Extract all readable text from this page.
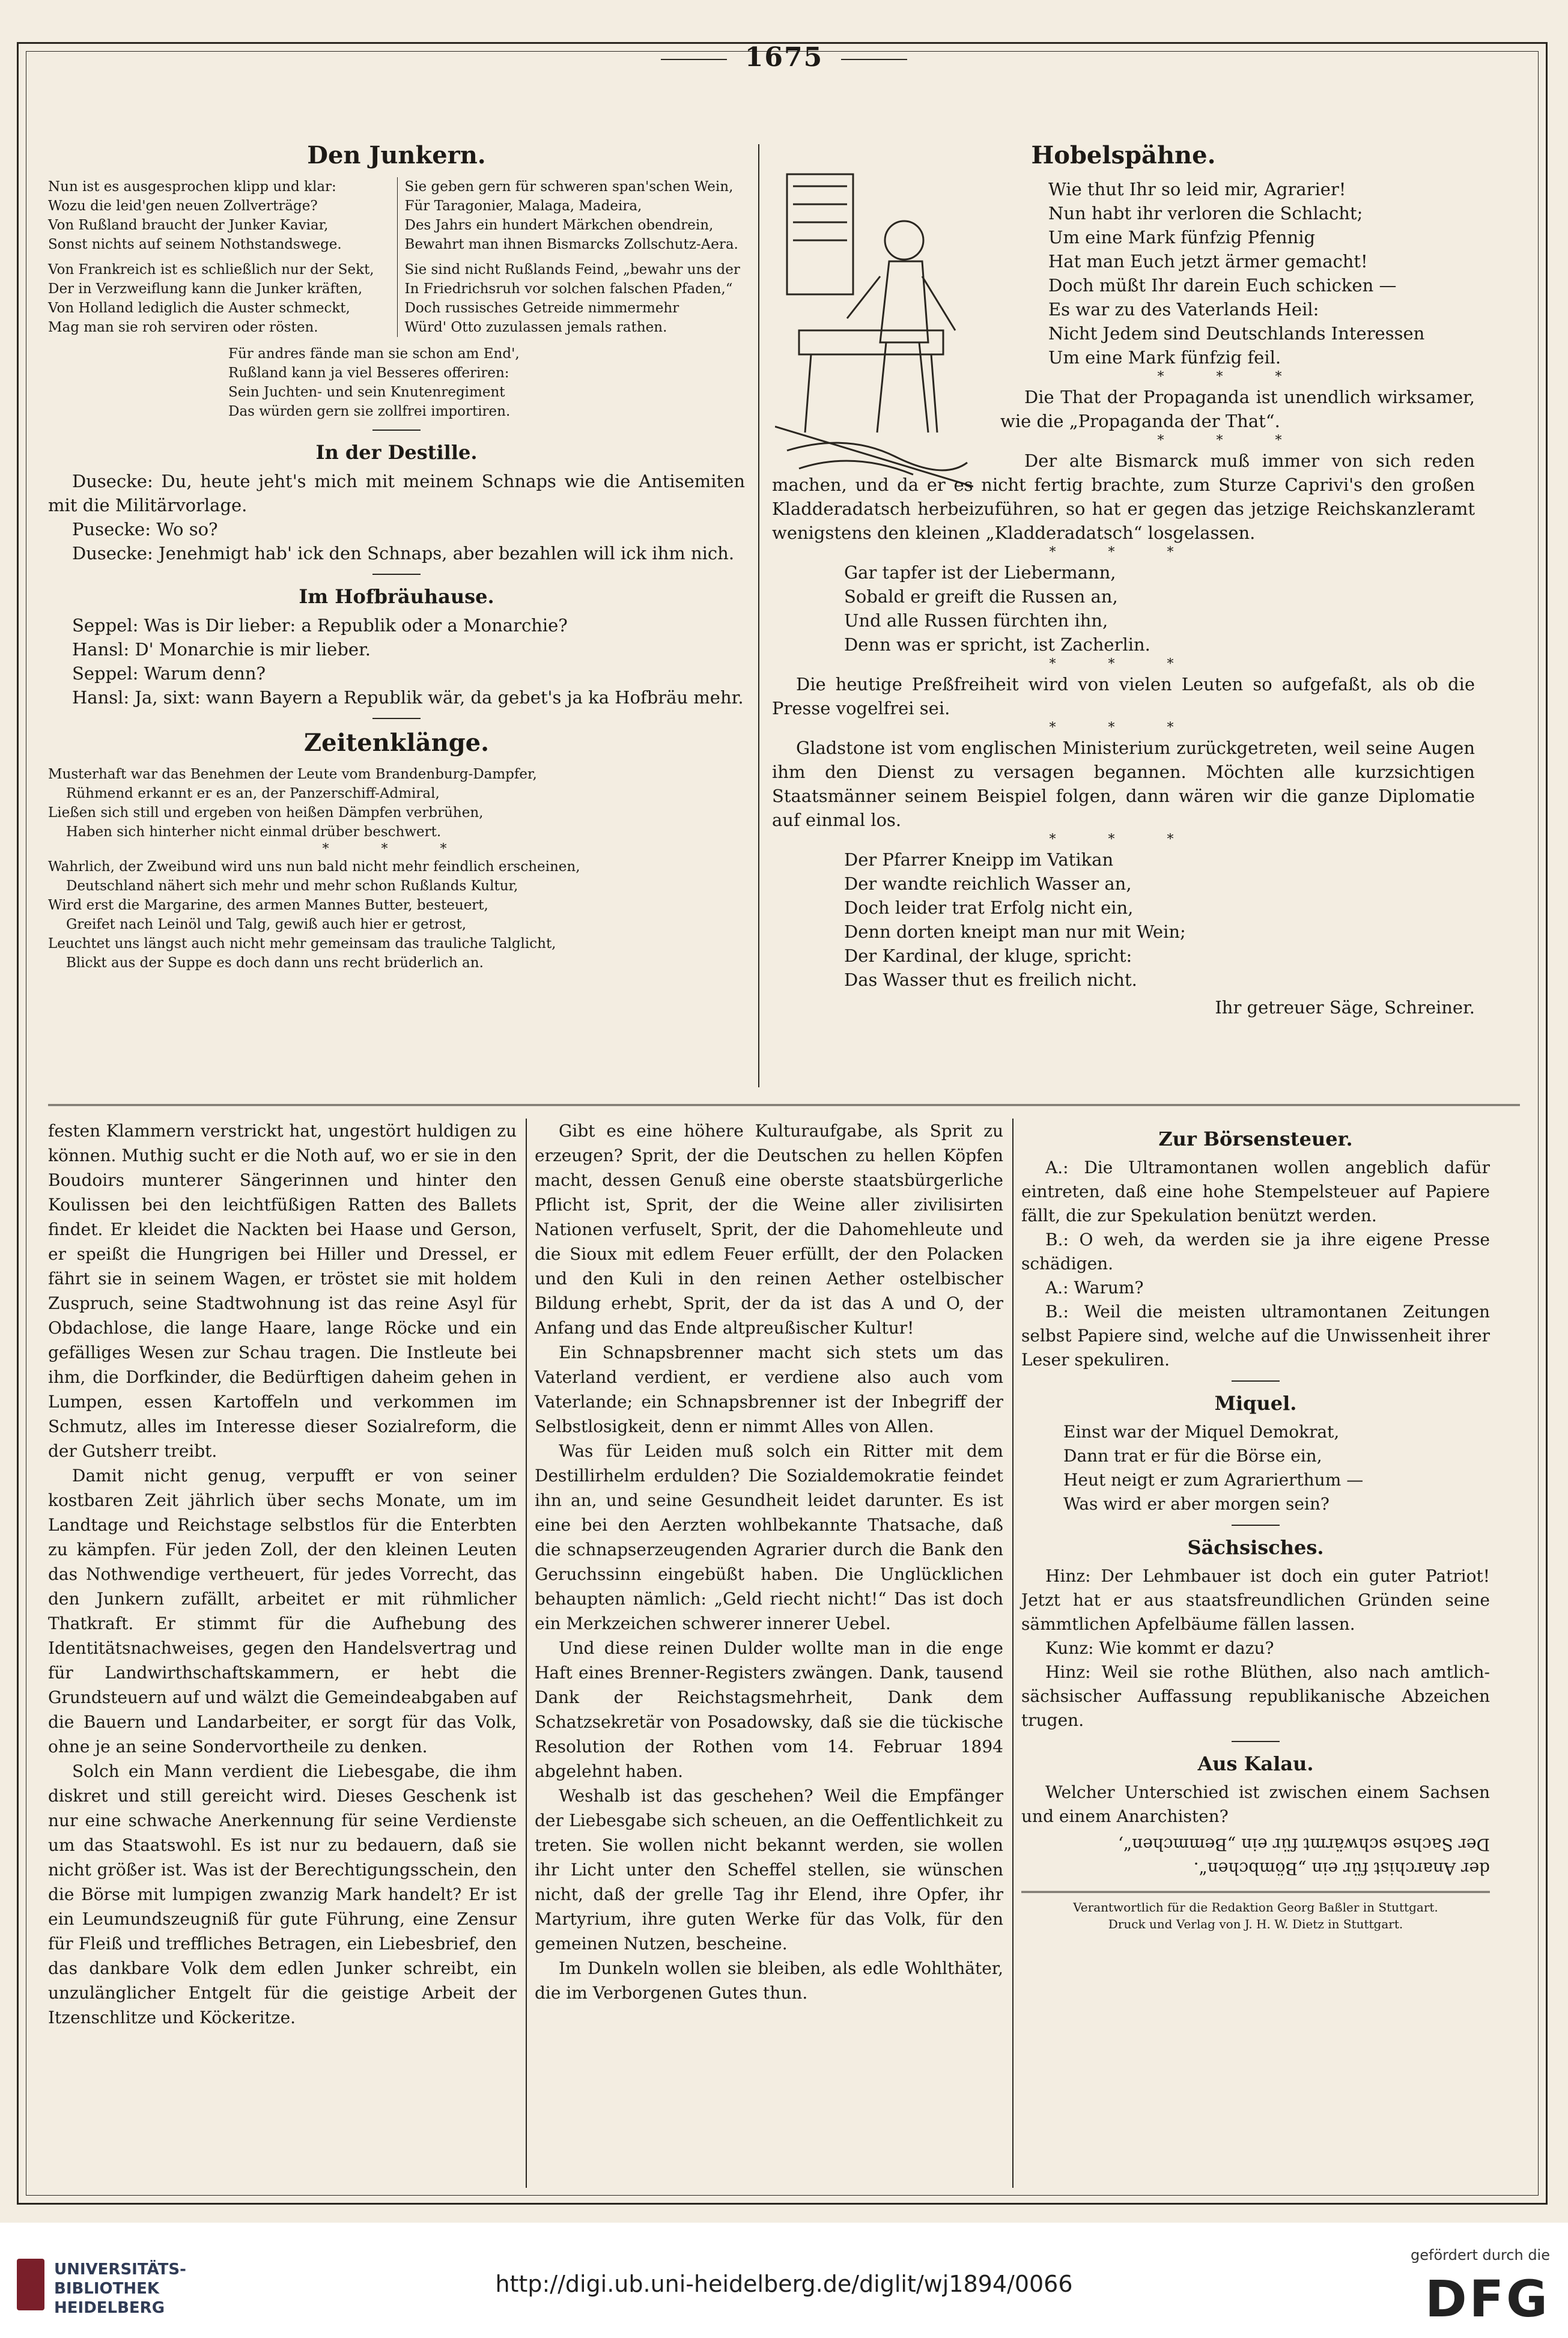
1675
Den Junkern.

Nun ist es ausgesprochen klipp und klar:

Wozu die leid'gen neuen Zollverträge?

Von Rußland braucht der Junker Kaviar,

Sonst nichts auf seinem Nothstandswege.

Von Frankreich ist es schließlich nur der Sekt,

Der in Verzweiflung kann die Junker kräften,

Von Holland lediglich die Auster schmeckt,

Mag man sie roh serviren oder rösten.

Sie geben gern für schweren span'schen Wein,

Für Taragonier, Malaga, Madeira,

Des Jahrs ein hundert Märkchen obendrein,

Bewahrt man ihnen Bismarcks Zollschutz-Aera.

Sie sind nicht Rußlands Feind, „bewahr uns der

In Friedrichsruh vor solchen falschen Pfaden,“

Doch russisches Getreide nimmermehr

Würd' Otto zuzulassen jemals rathen.

Für andres fände man sie schon am End',

Rußland kann ja viel Besseres offeriren:

Sein Juchten- und sein Knutenregiment

Das würden gern sie zollfrei importiren.

In der Destille.

Dusecke: Du, heute jeht's mich mit meinem Schnaps wie die Antisemiten mit die Militärvorlage.

Pusecke: Wo so?

Dusecke: Jenehmigt hab' ick den Schnaps, aber bezahlen will ick ihm nich.

Im Hofbräuhause.

Seppel: Was is Dir lieber: a Republik oder a Monarchie?

Hansl: D' Monarchie is mir lieber.

Seppel: Warum denn?

Hansl: Ja, sixt: wann Bayern a Republik wär, da gebet's ja ka Hofbräu mehr.

Zeitenklänge.

Musterhaft war das Benehmen der Leute vom Brandenburg-Dampfer,

Rühmend erkannt er es an, der Panzerschiff-Admiral,

Ließen sich still und ergeben von heißen Dämpfen verbrühen,

Haben sich hinterher nicht einmal drüber beschwert.

* * *

Wahrlich, der Zweibund wird uns nun bald nicht mehr feindlich erscheinen,

Deutschland nähert sich mehr und mehr schon Rußlands Kultur,

Wird erst die Margarine, des armen Mannes Butter, besteuert,

Greifet nach Leinöl und Talg, gewiß auch hier er getrost,

Leuchtet uns längst auch nicht mehr gemeinsam das trauliche Talglicht,

Blickt aus der Suppe es doch dann uns recht brüderlich an.

Hobelspähne.

Wie thut Ihr so leid mir, Agrarier!

Nun habt ihr verloren die Schlacht;

Um eine Mark fünfzig Pfennig

Hat man Euch jetzt ärmer gemacht!

Doch müßt Ihr darein Euch schicken —

Es war zu des Vaterlands Heil:

Nicht Jedem sind Deutschlands Interessen

Um eine Mark fünfzig feil.

* * *

Die That der Propaganda ist unendlich wirksamer, wie die „Propaganda der That“.

* * *

Der alte Bismarck muß immer von sich reden machen, und da er es nicht fertig brachte, zum Sturze Caprivi's den großen Kladderadatsch herbeizuführen, so hat er gegen das jetzige Reichskanzleramt wenigstens den kleinen „Kladderadatsch“ losgelassen.

* * *

Gar tapfer ist der Liebermann,

Sobald er greift die Russen an,

Und alle Russen fürchten ihn,

Denn was er spricht, ist Zacherlin.

* * *

Die heutige Preßfreiheit wird von vielen Leuten so aufgefaßt, als ob die Presse vogelfrei sei.

* * *

Gladstone ist vom englischen Ministerium zurückgetreten, weil seine Augen ihm den Dienst zu versagen begannen. Möchten alle kurzsichtigen Staatsmänner seinem Beispiel folgen, dann wären wir die ganze Diplomatie auf einmal los.

* * *

Der Pfarrer Kneipp im Vatikan

Der wandte reichlich Wasser an,

Doch leider trat Erfolg nicht ein,

Denn dorten kneipt man nur mit Wein;

Der Kardinal, der kluge, spricht:

Das Wasser thut es freilich nicht.

Ihr getreuer Säge, Schreiner.

festen Klammern verstrickt hat, ungestört huldigen zu können. Muthig sucht er die Noth auf, wo er sie in den Boudoirs munterer Sängerinnen und hinter den Koulissen bei den leichtfüßigen Ratten des Ballets findet. Er kleidet die Nackten bei Haase und Gerson, er speißt die Hungrigen bei Hiller und Dressel, er fährt sie in seinem Wagen, er tröstet sie mit holdem Zuspruch, seine Stadtwohnung ist das reine Asyl für Obdachlose, die lange Haare, lange Röcke und ein gefälliges Wesen zur Schau tragen. Die Instleute bei ihm, die Dorfkinder, die Bedürftigen daheim gehen in Lumpen, essen Kartoffeln und verkommen im Schmutz, alles im Interesse dieser Sozialreform, die der Gutsherr treibt.

Damit nicht genug, verpufft er von seiner kostbaren Zeit jährlich über sechs Monate, um im Landtage und Reichstage selbstlos für die Enterbten zu kämpfen. Für jeden Zoll, der den kleinen Leuten das Nothwendige vertheuert, für jedes Vorrecht, das den Junkern zufällt, arbeitet er mit rühmlicher Thatkraft. Er stimmt für die Aufhebung des Identitätsnachweises, gegen den Handelsvertrag und für Landwirthschaftskammern, er hebt die Grundsteuern auf und wälzt die Gemeindeabgaben auf die Bauern und Landarbeiter, er sorgt für das Volk, ohne je an seine Sondervortheile zu denken.

Solch ein Mann verdient die Liebesgabe, die ihm diskret und still gereicht wird. Dieses Geschenk ist nur eine schwache Anerkennung für seine Verdienste um das Staatswohl. Es ist nur zu bedauern, daß sie nicht größer ist. Was ist der Berechtigungsschein, den die Börse mit lumpigen zwanzig Mark handelt? Er ist ein Leumundszeugniß für gute Führung, eine Zensur für Fleiß und treffliches Betragen, ein Liebesbrief, den das dankbare Volk dem edlen Junker schreibt, ein unzulänglicher Entgelt für die geistige Arbeit der Itzenschlitze und Köckeritze.

Gibt es eine höhere Kulturaufgabe, als Sprit zu erzeugen? Sprit, der die Deutschen zu hellen Köpfen macht, dessen Genuß eine oberste staatsbürgerliche Pflicht ist, Sprit, der die Weine aller zivilisirten Nationen verfuselt, Sprit, der die Dahomehleute und die Sioux mit edlem Feuer erfüllt, der den Polacken und den Kuli in den reinen Aether ostelbischer Bildung erhebt, Sprit, der da ist das A und O, der Anfang und das Ende altpreußischer Kultur!

Ein Schnapsbrenner macht sich stets um das Vaterland verdient, er verdiene also auch vom Vaterlande; ein Schnapsbrenner ist der Inbegriff der Selbstlosigkeit, denn er nimmt Alles von Allen.

Was für Leiden muß solch ein Ritter mit dem Destillirhelm erdulden? Die Sozialdemokratie feindet ihn an, und seine Gesundheit leidet darunter. Es ist eine bei den Aerzten wohlbekannte Thatsache, daß die schnapserzeugenden Agrarier durch die Bank den Geruchssinn eingebüßt haben. Die Unglücklichen behaupten nämlich: „Geld riecht nicht!“ Das ist doch ein Merkzeichen schwerer innerer Uebel.

Und diese reinen Dulder wollte man in die enge Haft eines Brenner-Registers zwängen. Dank, tausend Dank der Reichstagsmehrheit, Dank dem Schatzsekretär von Posadowsky, daß sie die tückische Resolution der Rothen vom 14. Februar 1894 abgelehnt haben.

Weshalb ist das geschehen? Weil die Empfänger der Liebesgabe sich scheuen, an die Oeffentlichkeit zu treten. Sie wollen nicht bekannt werden, sie wollen ihr Licht unter den Scheffel stellen, sie wünschen nicht, daß der grelle Tag ihr Elend, ihre Opfer, ihr Martyrium, ihre guten Werke für das Volk, für den gemeinen Nutzen, bescheine.

Im Dunkeln wollen sie bleiben, als edle Wohlthäter, die im Verborgenen Gutes thun.

Zur Börsensteuer.

A.: Die Ultramontanen wollen angeblich dafür eintreten, daß eine hohe Stempelsteuer auf Papiere fällt, die zur Spekulation benützt werden.

B.: O weh, da werden sie ja ihre eigene Presse schädigen.

A.: Warum?

B.: Weil die meisten ultramontanen Zeitungen selbst Papiere sind, welche auf die Unwissenheit ihrer Leser spekuliren.

Miquel.

Einst war der Miquel Demokrat,

Dann trat er für die Börse ein,

Heut neigt er zum Agrarierthum —

Was wird er aber morgen sein?

Sächsisches.

Hinz: Der Lehmbauer ist doch ein guter Patriot! Jetzt hat er aus staatsfreundlichen Gründen seine sämmtlichen Apfelbäume fällen lassen.

Kunz: Wie kommt er dazu?

Hinz: Weil sie rothe Blüthen, also nach amtlich-sächsischer Auffassung republikanische Abzeichen trugen.

Aus Kalau.

Welcher Unterschied ist zwischen einem Sachsen und einem Anarchisten?

der Anarchist für ein „Bömbchen“.

Der Sachse schwärmt für ein „Bemmchen“,

Verantwortlich für die Redaktion Georg Baßler in Stuttgart.

Druck und Verlag von J. H. W. Dietz in Stuttgart.

UNIVERSITÄTS-
BIBLIOTHEK
HEIDELBERG
http://digi.ub.uni-heidelberg.de/diglit/wj1894/0066
gefördert durch die
DFG
